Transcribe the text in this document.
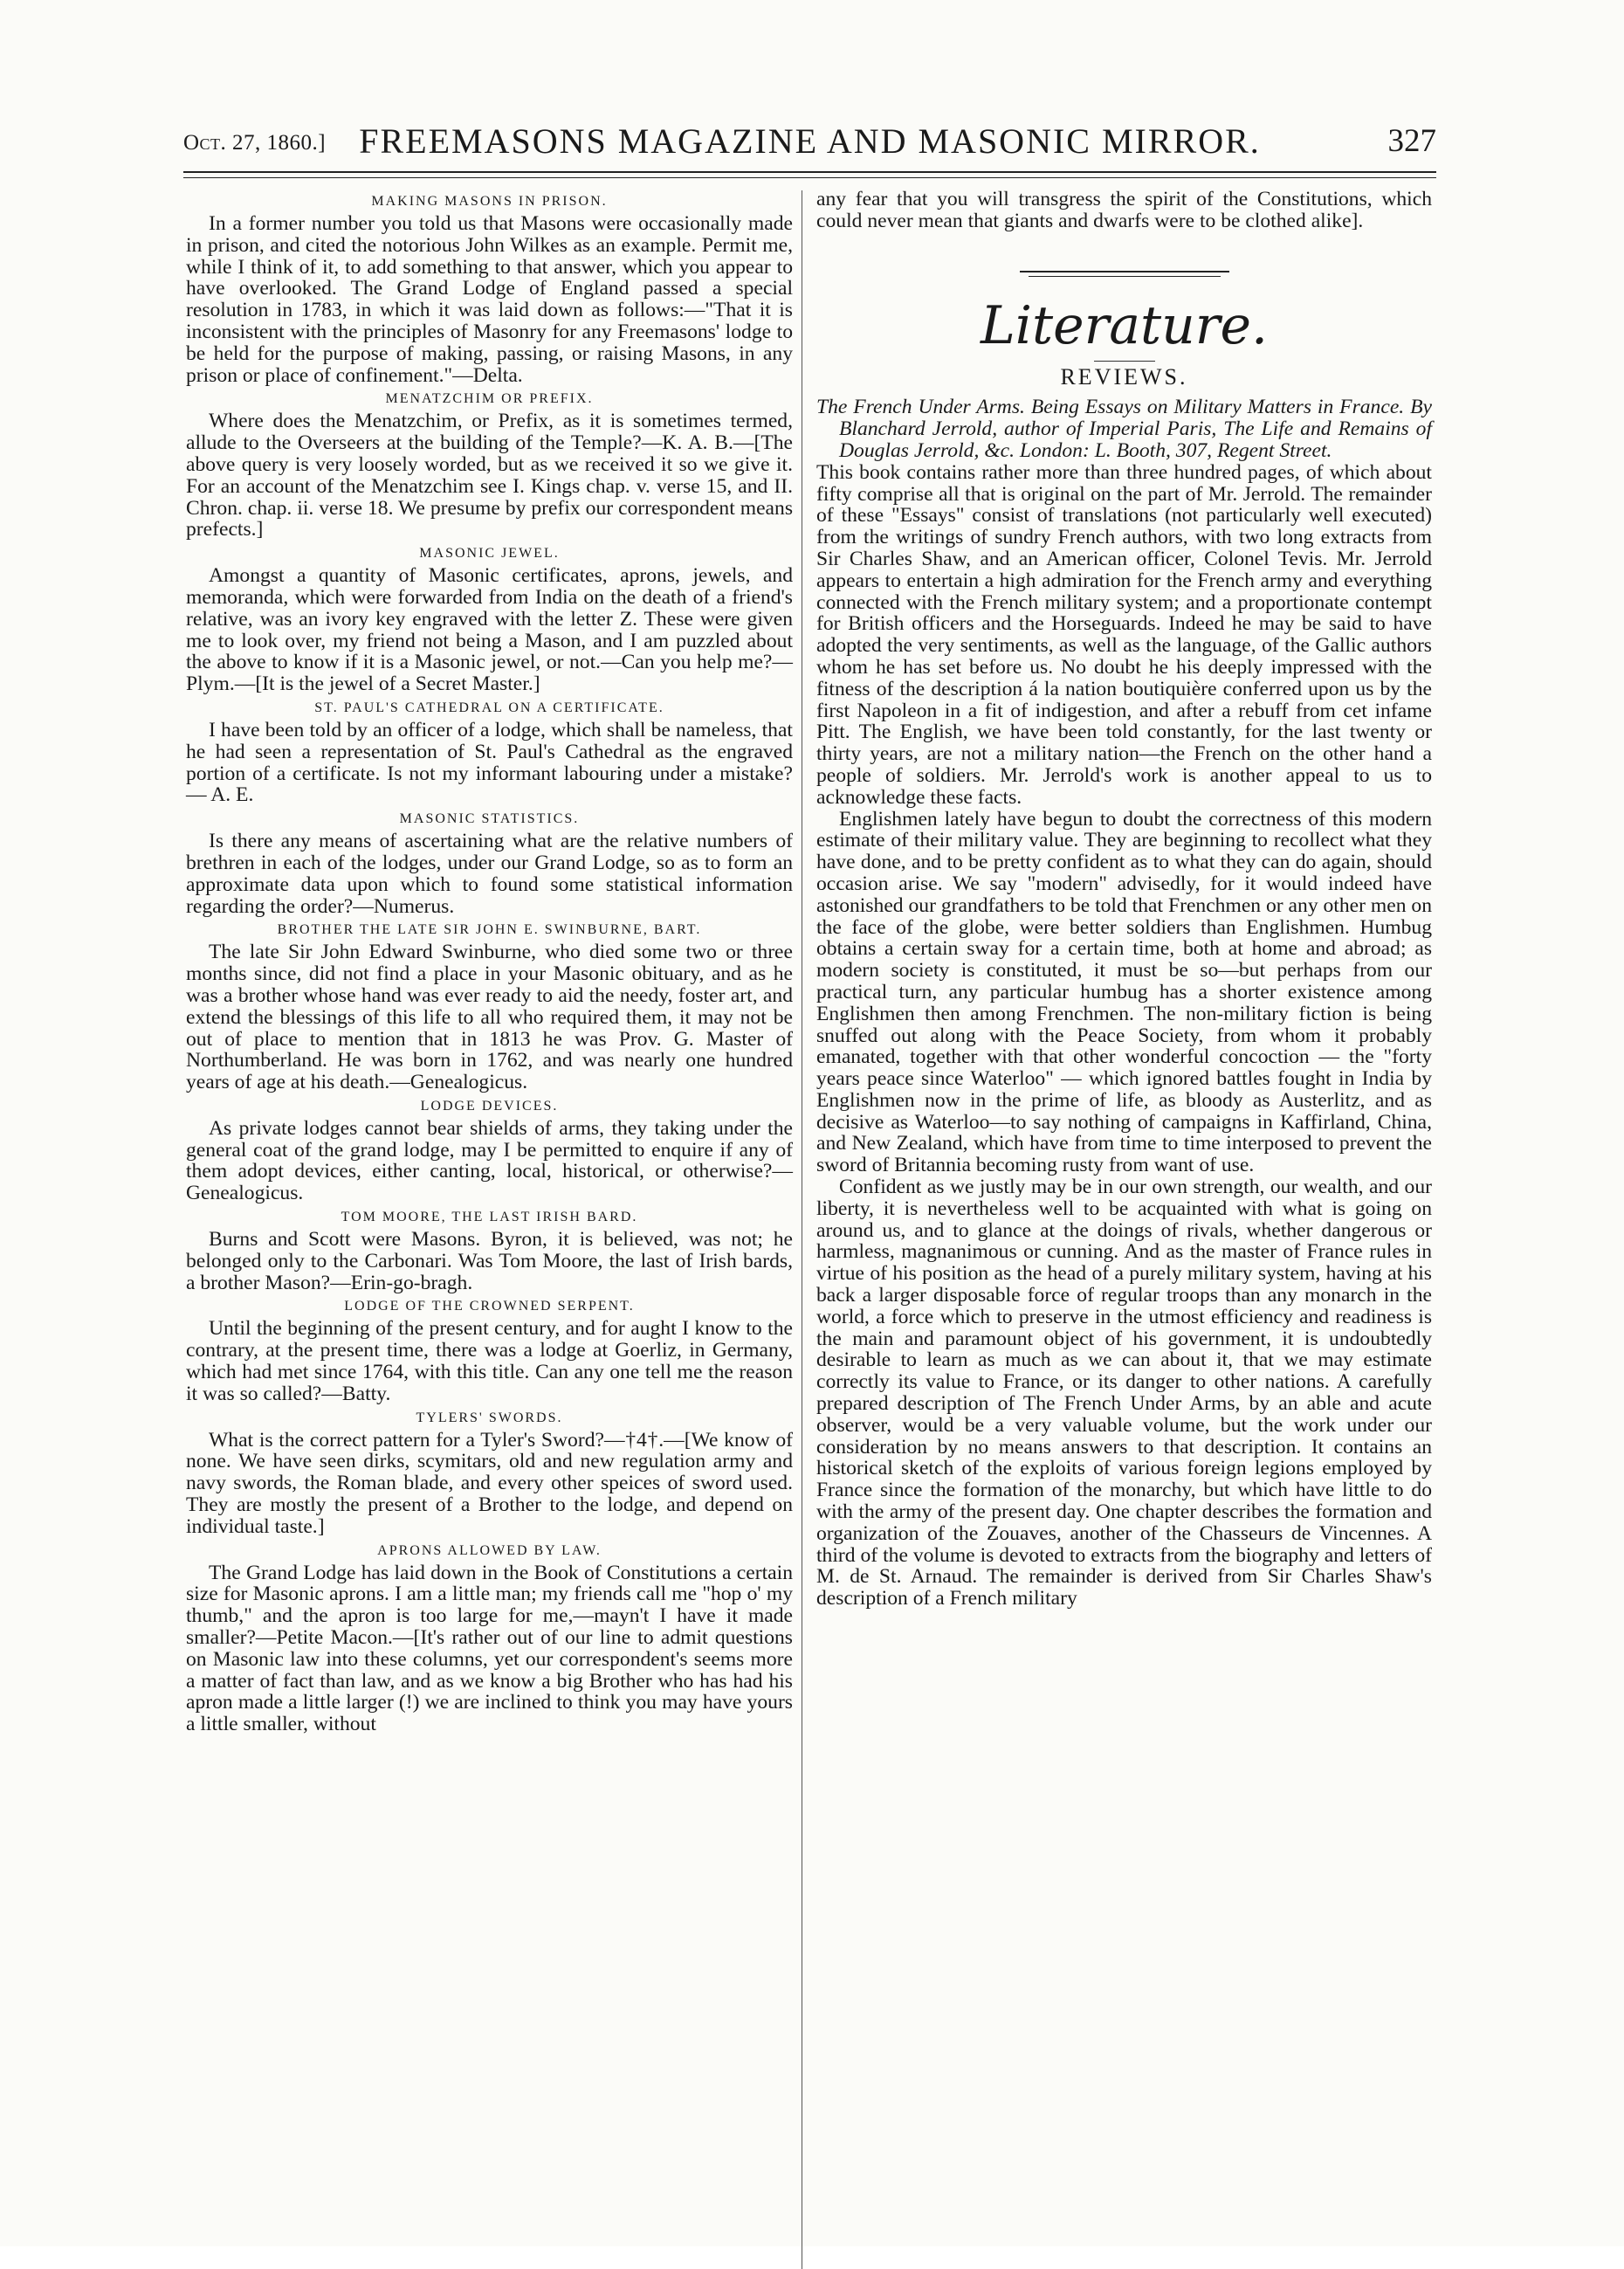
Oct. 27, 1860.] FREEMASONS MAGAZINE AND MASONIC MIRROR.	327
MAKING MASONS IN PRISON.

In a former number you told us that Masons were occasionally made in prison, and cited the notorious John Wilkes as an example. Permit me, while I think of it, to add something to that answer, which you appear to have overlooked. The Grand Lodge of England passed a special resolution in 1783, in which it was laid down as follows:—"That it is inconsistent with the principles of Masonry for any Freemasons' lodge to be held for the purpose of making, passing, or raising Masons, in any prison or place of confinement."—Delta.

MENATZCHIM OR PREFIX.

Where does the Menatzchim, or Prefix, as it is sometimes termed, allude to the Overseers at the building of the Temple?—K. A. B.—[The above query is very loosely worded, but as we received it so we give it. For an account of the Menatzchim see I. Kings chap. v. verse 15, and II. Chron. chap. ii. verse 18. We presume by prefix our correspondent means prefects.]

MASONIC JEWEL.

Amongst a quantity of Masonic certificates, aprons, jewels, and memoranda, which were forwarded from India on the death of a friend's relative, was an ivory key engraved with the letter Z. These were given me to look over, my friend not being a Mason, and I am puzzled about the above to know if it is a Masonic jewel, or not.—Can you help me?—Plym.—[It is the jewel of a Secret Master.]

ST. PAUL'S CATHEDRAL ON A CERTIFICATE.

I have been told by an officer of a lodge, which shall be nameless, that he had seen a representation of St. Paul's Cathedral as the engraved portion of a certificate. Is not my informant labouring under a mistake?— A. E.

MASONIC STATISTICS.

Is there any means of ascertaining what are the relative numbers of brethren in each of the lodges, under our Grand Lodge, so as to form an approximate data upon which to found some statistical information regarding the order?—Numerus.

BROTHER THE LATE SIR JOHN E. SWINBURNE, BART.

The late Sir John Edward Swinburne, who died some two or three months since, did not find a place in your Masonic obituary, and as he was a brother whose hand was ever ready to aid the needy, foster art, and extend the blessings of this life to all who required them, it may not be out of place to mention that in 1813 he was Prov. G. Master of Northumberland. He was born in 1762, and was nearly one hundred years of age at his death.—Genealogicus.

LODGE DEVICES.

As private lodges cannot bear shields of arms, they taking under the general coat of the grand lodge, may I be permitted to enquire if any of them adopt devices, either canting, local, historical, or otherwise?—Genealogicus.

TOM MOORE, THE LAST IRISH BARD.

Burns and Scott were Masons. Byron, it is believed, was not; he belonged only to the Carbonari. Was Tom Moore, the last of Irish bards, a brother Mason?—Erin-go-bragh.

LODGE OF THE CROWNED SERPENT.

Until the beginning of the present century, and for aught I know to the contrary, at the present time, there was a lodge at Goerliz, in Germany, which had met since 1764, with this title. Can any one tell me the reason it was so called?—Batty.

TYLERS' SWORDS.

What is the correct pattern for a Tyler's Sword?—†4†.—[We know of none. We have seen dirks, scymitars, old and new regulation army and navy swords, the Roman blade, and every other speices of sword used. They are mostly the present of a Brother to the lodge, and depend on individual taste.]

APRONS ALLOWED BY LAW.

The Grand Lodge has laid down in the Book of Constitutions a certain size for Masonic aprons. I am a little man; my friends call me "hop o' my thumb," and the apron is too large for me,—mayn't I have it made smaller?—Petite Macon.—[It's rather out of our line to admit questions on Masonic law into these columns, yet our correspondent's seems more a matter of fact than law, and as we know a big Brother who has had his apron made a little larger (!) we are inclined to think you may have yours a little smaller, without

any fear that you will transgress the spirit of the Constitutions, which could never mean that giants and dwarfs were to be clothed alike].

Literature.
REVIEWS.

The French Under Arms. Being Essays on Military Matters in France. By Blanchard Jerrold, author of Imperial Paris, The Life and Remains of Douglas Jerrold, &c. London: L. Booth, 307, Regent Street.

This book contains rather more than three hundred pages, of which about fifty comprise all that is original on the part of Mr. Jerrold. The remainder of these "Essays" consist of translations (not particularly well executed) from the writings of sundry French authors, with two long extracts from Sir Charles Shaw, and an American officer, Colonel Tevis. Mr. Jerrold appears to entertain a high admiration for the French army and everything connected with the French military system; and a proportionate contempt for British officers and the Horseguards. Indeed he may be said to have adopted the very sentiments, as well as the language, of the Gallic authors whom he has set before us. No doubt he his deeply impressed with the fitness of the description á la nation boutiquière conferred upon us by the first Napoleon in a fit of indigestion, and after a rebuff from cet infame Pitt. The English, we have been told constantly, for the last twenty or thirty years, are not a military nation—the French on the other hand a people of soldiers. Mr. Jerrold's work is another appeal to us to acknowledge these facts.

Englishmen lately have begun to doubt the correctness of this modern estimate of their military value. They are beginning to recollect what they have done, and to be pretty confident as to what they can do again, should occasion arise. We say "modern" advisedly, for it would indeed have astonished our grandfathers to be told that Frenchmen or any other men on the face of the globe, were better soldiers than Englishmen. Humbug obtains a certain sway for a certain time, both at home and abroad; as modern society is constituted, it must be so—but perhaps from our practical turn, any particular humbug has a shorter existence among Englishmen then among Frenchmen. The non-military fiction is being snuffed out along with the Peace Society, from whom it probably emanated, together with that other wonderful concoction — the "forty years peace since Waterloo" — which ignored battles fought in India by Englishmen now in the prime of life, as bloody as Austerlitz, and as decisive as Waterloo—to say nothing of campaigns in Kaffirland, China, and New Zealand, which have from time to time interposed to prevent the sword of Britannia becoming rusty from want of use.

Confident as we justly may be in our own strength, our wealth, and our liberty, it is nevertheless well to be acquainted with what is going on around us, and to glance at the doings of rivals, whether dangerous or harmless, magnanimous or cunning. And as the master of France rules in virtue of his position as the head of a purely military system, having at his back a larger disposable force of regular troops than any monarch in the world, a force which to preserve in the utmost efficiency and readiness is the main and paramount object of his government, it is undoubtedly desirable to learn as much as we can about it, that we may estimate correctly its value to France, or its danger to other nations. A carefully prepared description of The French Under Arms, by an able and acute observer, would be a very valuable volume, but the work under our consideration by no means answers to that description. It contains an historical sketch of the exploits of various foreign legions employed by France since the formation of the monarchy, but which have little to do with the army of the present day. One chapter describes the formation and organization of the Zouaves, another of the Chasseurs de Vincennes. A third of the volume is devoted to extracts from the biography and letters of M. de St. Arnaud. The remainder is derived from Sir Charles Shaw's description of a French military
